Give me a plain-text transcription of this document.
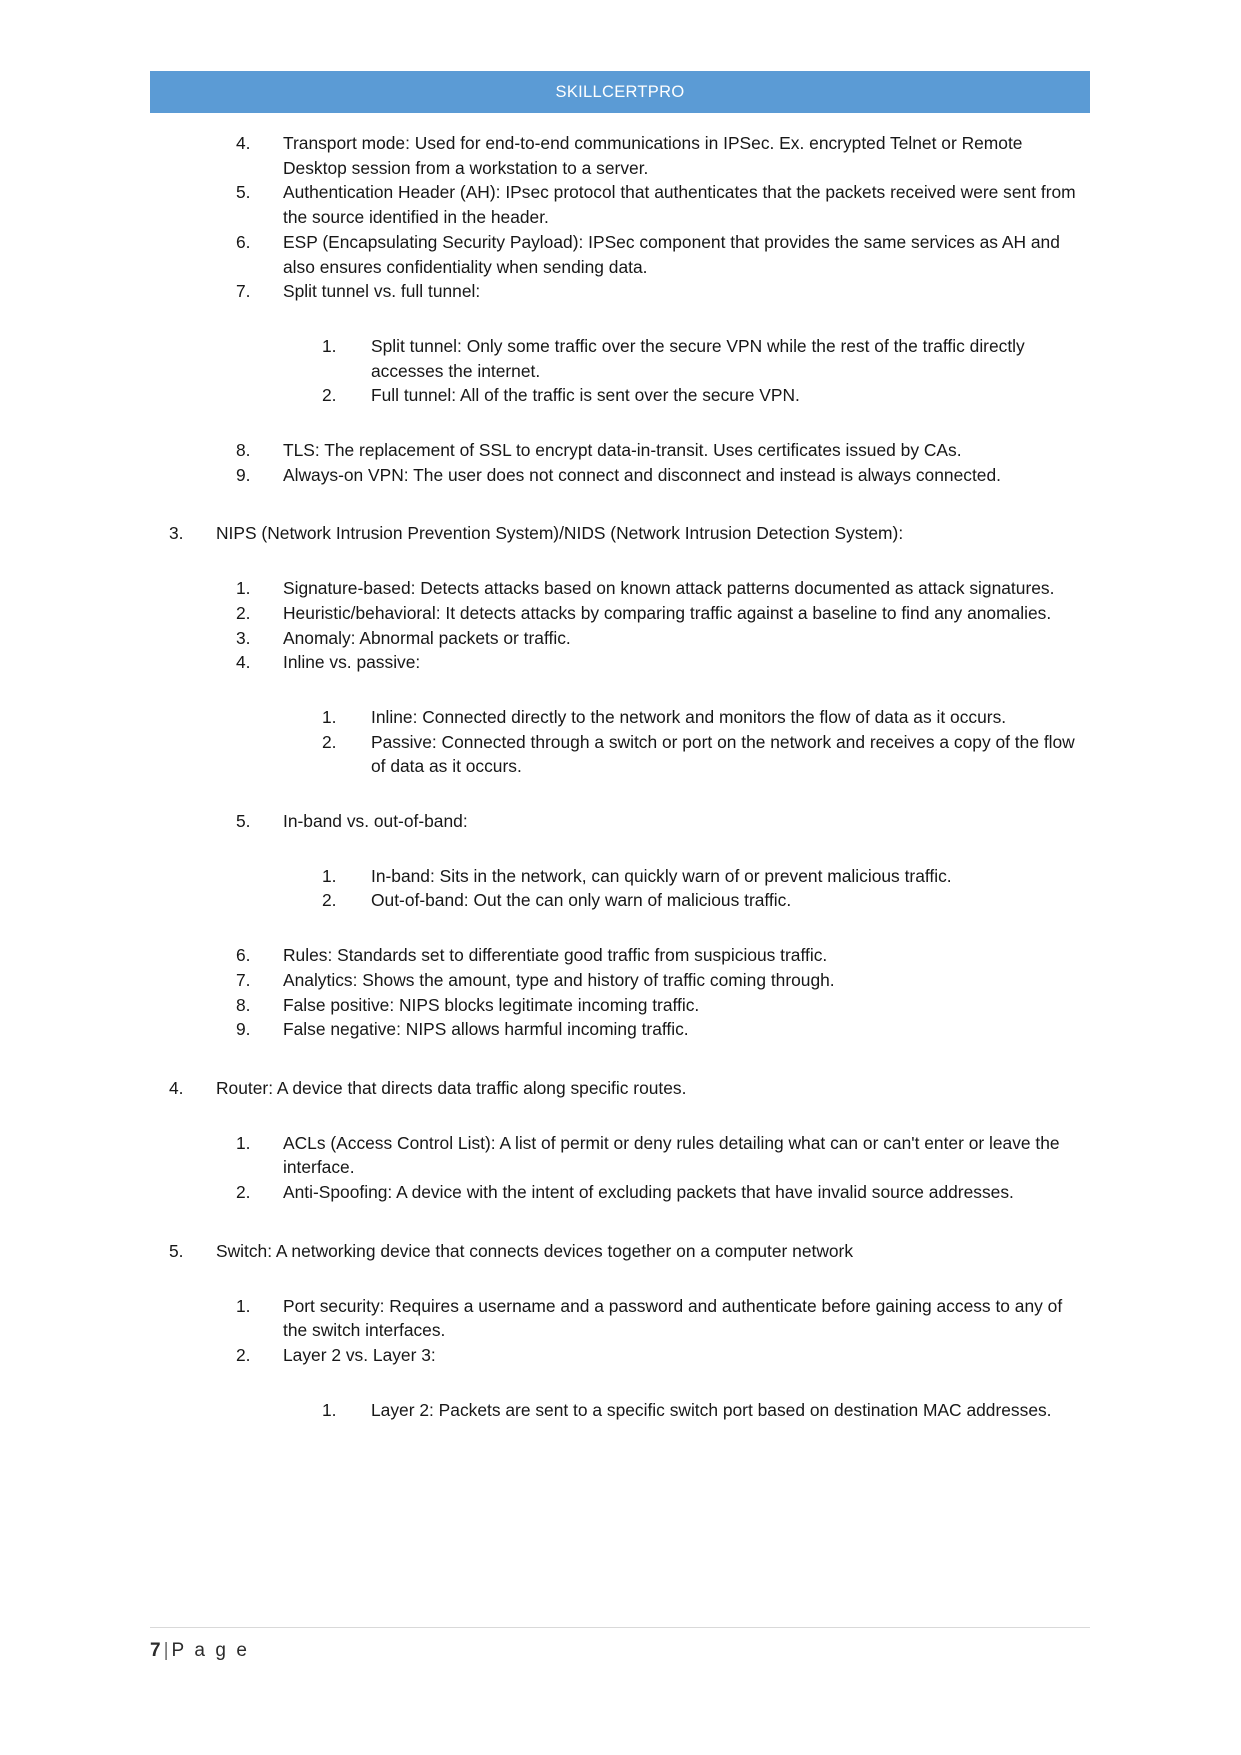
SKILLCERTPRO
4.	Transport mode: Used for end-to-end communications in IPSec. Ex. encrypted Telnet or Remote Desktop session from a workstation to a server.
5.	Authentication Header (AH): IPsec protocol that authenticates that the packets received were sent from the source identified in the header.
6.	ESP (Encapsulating Security Payload): IPSec component that provides the same services as AH and also ensures confidentiality when sending data.
7.	Split tunnel vs. full tunnel:
1.	Split tunnel: Only some traffic over the secure VPN while the rest of the traffic directly accesses the internet.
2.	Full tunnel: All of the traffic is sent over the secure VPN.
8.	TLS: The replacement of SSL to encrypt data-in-transit. Uses certificates issued by CAs.
9.	Always-on VPN: The user does not connect and disconnect and instead is always connected.
3.	NIPS (Network Intrusion Prevention System)/NIDS (Network Intrusion Detection System):
1.	Signature-based: Detects attacks based on known attack patterns documented as attack signatures.
2.	Heuristic/behavioral: It detects attacks by comparing traffic against a baseline to find any anomalies.
3.	Anomaly: Abnormal packets or traffic.
4.	Inline vs. passive:
1.	Inline: Connected directly to the network and monitors the flow of data as it occurs.
2.	Passive: Connected through a switch or port on the network and receives a copy of the flow of data as it occurs.
5.	In-band vs. out-of-band:
1.	In-band: Sits in the network, can quickly warn of or prevent malicious traffic.
2.	Out-of-band: Out the can only warn of malicious traffic.
6.	Rules: Standards set to differentiate good traffic from suspicious traffic.
7.	Analytics: Shows the amount, type and history of traffic coming through.
8.	False positive: NIPS blocks legitimate incoming traffic.
9.	False negative: NIPS allows harmful incoming traffic.
4.	Router: A device that directs data traffic along specific routes.
1.	ACLs (Access Control List): A list of permit or deny rules detailing what can or can't enter or leave the interface.
2.	Anti-Spoofing: A device with the intent of excluding packets that have invalid source addresses.
5.	Switch: A networking device that connects devices together on a computer network
1.	Port security: Requires a username and a password and authenticate before gaining access to any of the switch interfaces.
2.	Layer 2 vs. Layer 3:
1.	Layer 2: Packets are sent to a specific switch port based on destination MAC addresses.
7 | P a g e
